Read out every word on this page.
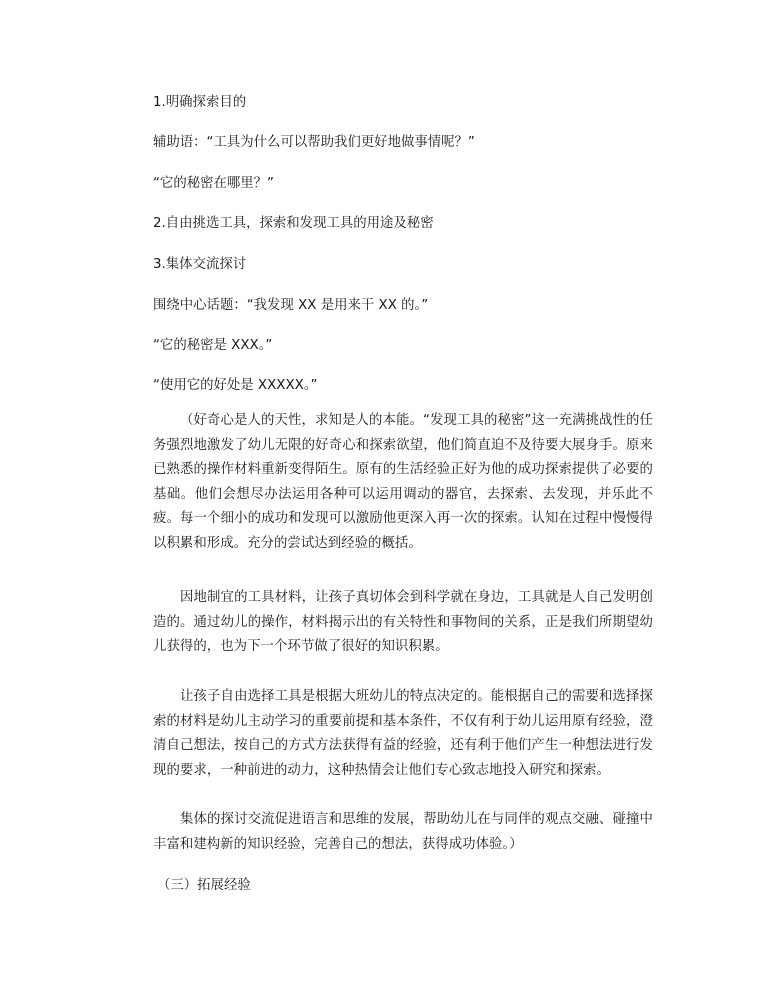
1.明确探索目的
辅助语：“工具为什么可以帮助我们更好地做事情呢？”
“它的秘密在哪里？”
2.自由挑选工具，探索和发现工具的用途及秘密
3.集体交流探讨
围绕中心话题：“我发现 XX 是用来干 XX 的。”
“它的秘密是 XXX。”
“使用它的好处是 XXXXX。”
（好奇心是人的天性，求知是人的本能。“发现工具的秘密”这一充满挑战性的任务强烈地激发了幼儿无限的好奇心和探索欲望，他们简直迫不及待要大展身手。原来已熟悉的操作材料重新变得陌生。原有的生活经验正好为他的成功探索提供了必要的基础。他们会想尽办法运用各种可以运用调动的器官，去探索、去发现，并乐此不疲。每一个细小的成功和发现可以激励他更深入再一次的探索。认知在过程中慢慢得以积累和形成。充分的尝试达到经验的概括。
因地制宜的工具材料，让孩子真切体会到科学就在身边，工具就是人自己发明创造的。通过幼儿的操作，材料揭示出的有关特性和事物间的关系，正是我们所期望幼儿获得的，也为下一个环节做了很好的知识积累。
让孩子自由选择工具是根据大班幼儿的特点决定的。能根据自己的需要和选择探索的材料是幼儿主动学习的重要前提和基本条件，不仅有利于幼儿运用原有经验，澄清自己想法，按自己的方式方法获得有益的经验，还有利于他们产生一种想法进行发现的要求，一种前进的动力，这种热情会让他们专心致志地投入研究和探索。
集体的探讨交流促进语言和思维的发展，帮助幼儿在与同伴的观点交融、碰撞中丰富和建构新的知识经验，完善自己的想法，获得成功体验。）
（三）拓展经验
